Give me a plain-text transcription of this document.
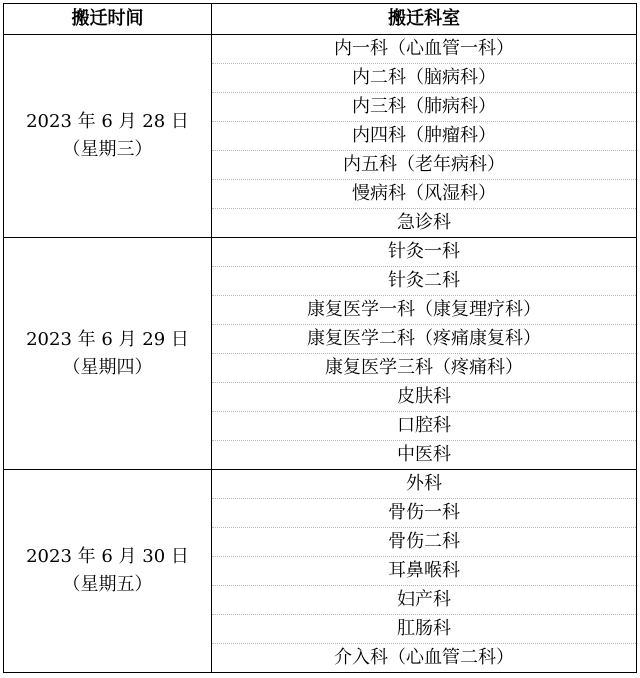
搬迁时间	搬迁科室

2023 年 6 月 28 日
（星期三）	内一科（心血管一科）
	内二科（脑病科）
	内三科（肺病科）
	内四科（肿瘤科）
	内五科（老年病科）
	慢病科（风湿科）
	急诊科

2023 年 6 月 29 日
（星期四）	针灸一科
	针灸二科
	康复医学一科（康复理疗科）
	康复医学二科（疼痛康复科）
	康复医学三科（疼痛科）
	皮肤科
	口腔科
	中医科

2023 年 6 月 30 日
（星期五）	外科
	骨伤一科
	骨伤二科
	耳鼻喉科
	妇产科
	肛肠科
	介入科（心血管二科）
